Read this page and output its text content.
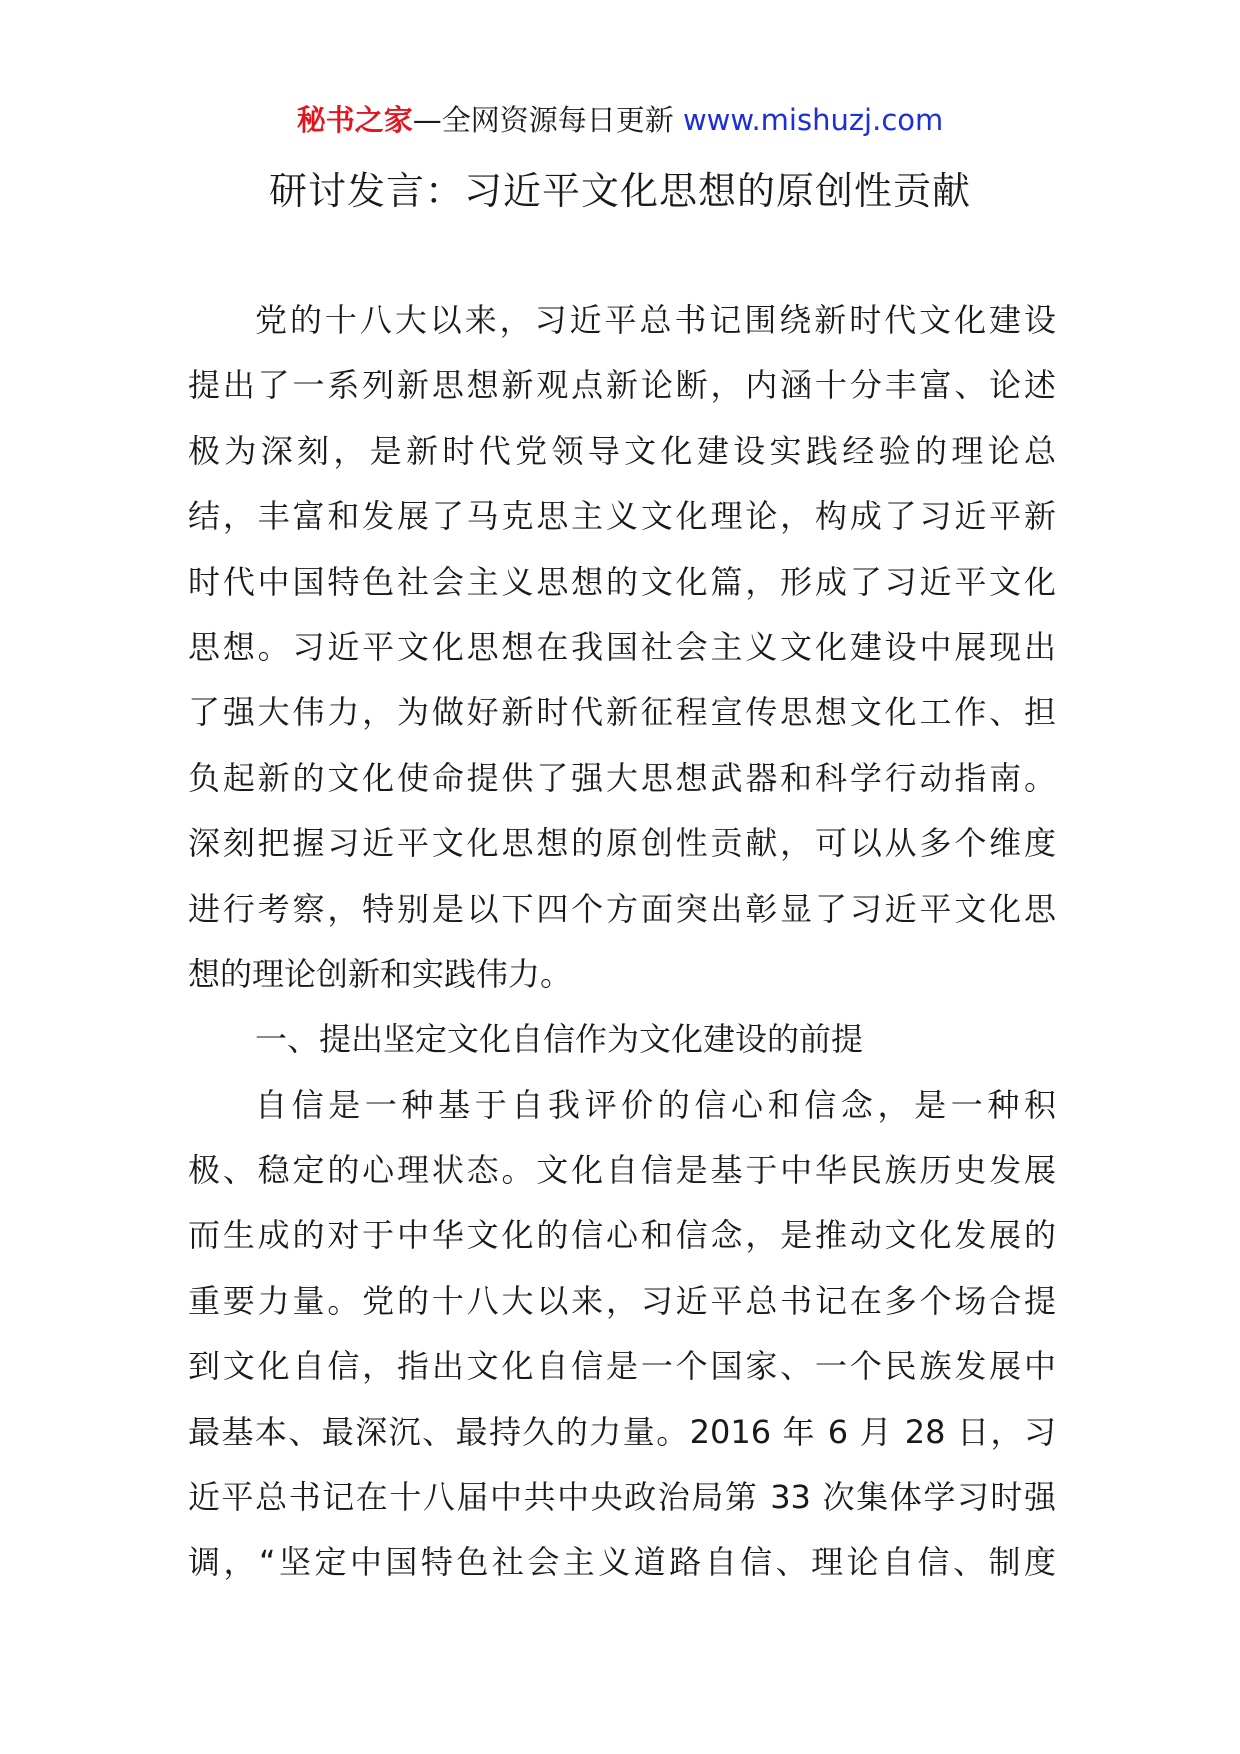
秘书之家—全网资源每日更新 www.mishuzj.com
研讨发言：习近平文化思想的原创性贡献
党的十八大以来，习近平总书记围绕新时代文化建设
提出了一系列新思想新观点新论断，内涵十分丰富、论述
极为深刻，是新时代党领导文化建设实践经验的理论总
结，丰富和发展了马克思主义文化理论，构成了习近平新
时代中国特色社会主义思想的文化篇，形成了习近平文化
思想。习近平文化思想在我国社会主义文化建设中展现出
了强大伟力，为做好新时代新征程宣传思想文化工作、担
负起新的文化使命提供了强大思想武器和科学行动指南。
深刻把握习近平文化思想的原创性贡献，可以从多个维度
进行考察，特别是以下四个方面突出彰显了习近平文化思
想的理论创新和实践伟力。
一、提出坚定文化自信作为文化建设的前提
自信是一种基于自我评价的信心和信念，是一种积
极、稳定的心理状态。文化自信是基于中华民族历史发展
而生成的对于中华文化的信心和信念，是推动文化发展的
重要力量。党的十八大以来，习近平总书记在多个场合提
到文化自信，指出文化自信是一个国家、一个民族发展中
最基本、最深沉、最持久的力量。2016 年 6 月 28 日，习
近平总书记在十八届中共中央政治局第 33 次集体学习时强
调，“坚定中国特色社会主义道路自信、理论自信、制度
